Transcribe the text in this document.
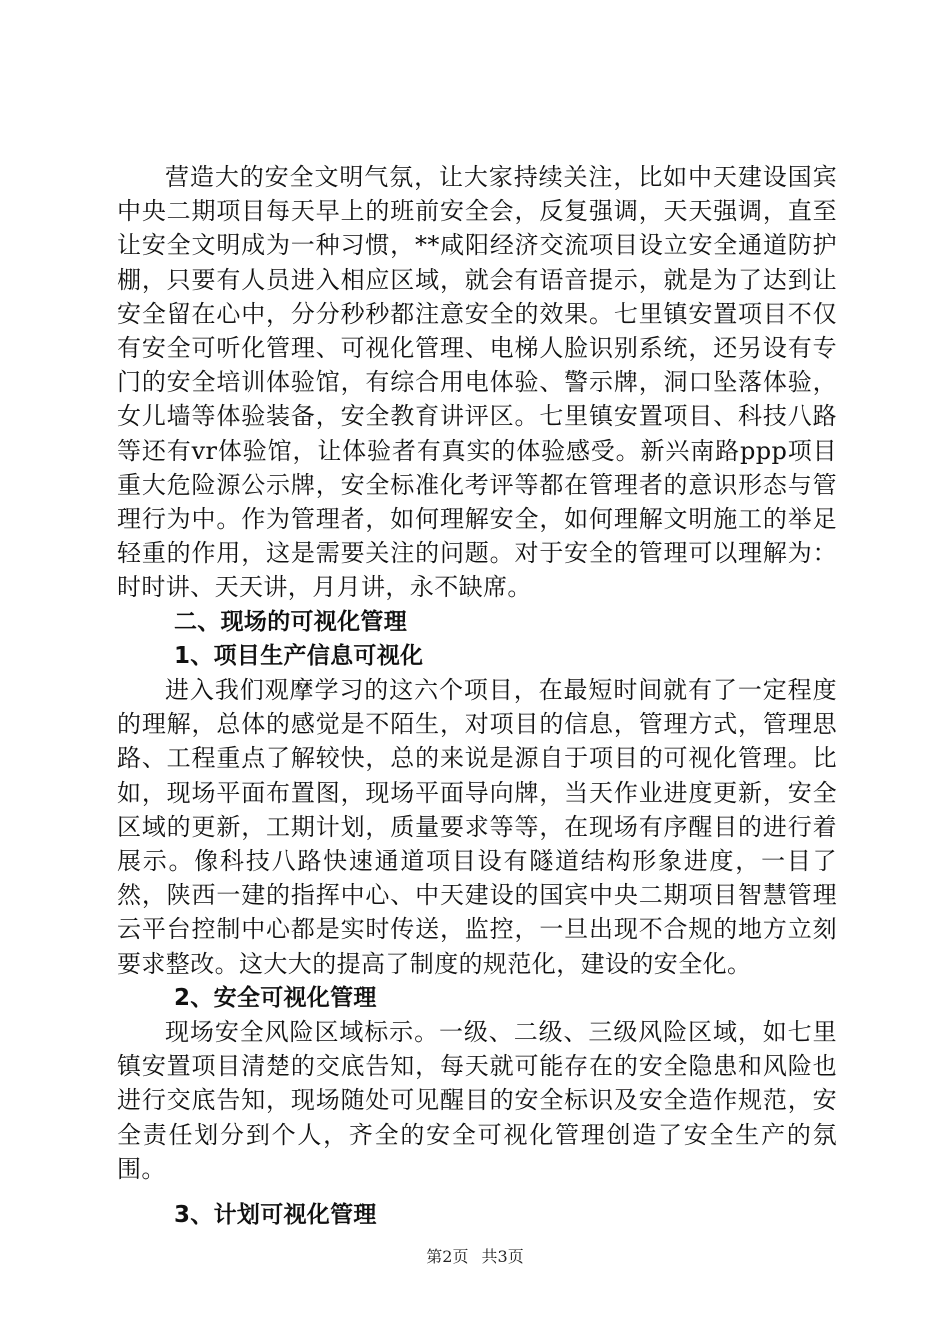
营造大的安全文明气氛，让大家持续关注，比如中天建设国宾中央二期项目每天早上的班前安全会，反复强调，天天强调，直至让安全文明成为一种习惯，**咸阳经济交流项目设立安全通道防护棚，只要有人员进入相应区域，就会有语音提示，就是为了达到让安全留在心中，分分秒秒都注意安全的效果。七里镇安置项目不仅有安全可听化管理、可视化管理、电梯人脸识别系统，还另设有专门的安全培训体验馆，有综合用电体验、警示牌，洞口坠落体验，女儿墙等体验装备，安全教育讲评区。七里镇安置项目、科技八路等还有vr体验馆，让体验者有真实的体验感受。新兴南路ppp项目重大危险源公示牌，安全标准化考评等都在管理者的意识形态与管理行为中。作为管理者，如何理解安全，如何理解文明施工的举足轻重的作用，这是需要关注的问题。对于安全的管理可以理解为：时时讲、天天讲，月月讲，永不缺席。

二、现场的可视化管理

1、项目生产信息可视化

进入我们观摩学习的这六个项目，在最短时间就有了一定程度的理解，总体的感觉是不陌生，对项目的信息，管理方式，管理思路、工程重点了解较快，总的来说是源自于项目的可视化管理。比如，现场平面布置图，现场平面导向牌，当天作业进度更新，安全区域的更新，工期计划，质量要求等等，在现场有序醒目的进行着展示。像科技八路快速通道项目设有隧道结构形象进度，一目了然，陕西一建的指挥中心、中天建设的国宾中央二期项目智慧管理云平台控制中心都是实时传送，监控，一旦出现不合规的地方立刻要求整改。这大大的提高了制度的规范化，建设的安全化。

2、安全可视化管理

现场安全风险区域标示。一级、二级、三级风险区域，如七里镇安置项目清楚的交底告知，每天就可能存在的安全隐患和风险也进行交底告知，现场随处可见醒目的安全标识及安全造作规范，安全责任划分到个人，齐全的安全可视化管理创造了安全生产的氛围。

3、计划可视化管理

第2页 共3页
